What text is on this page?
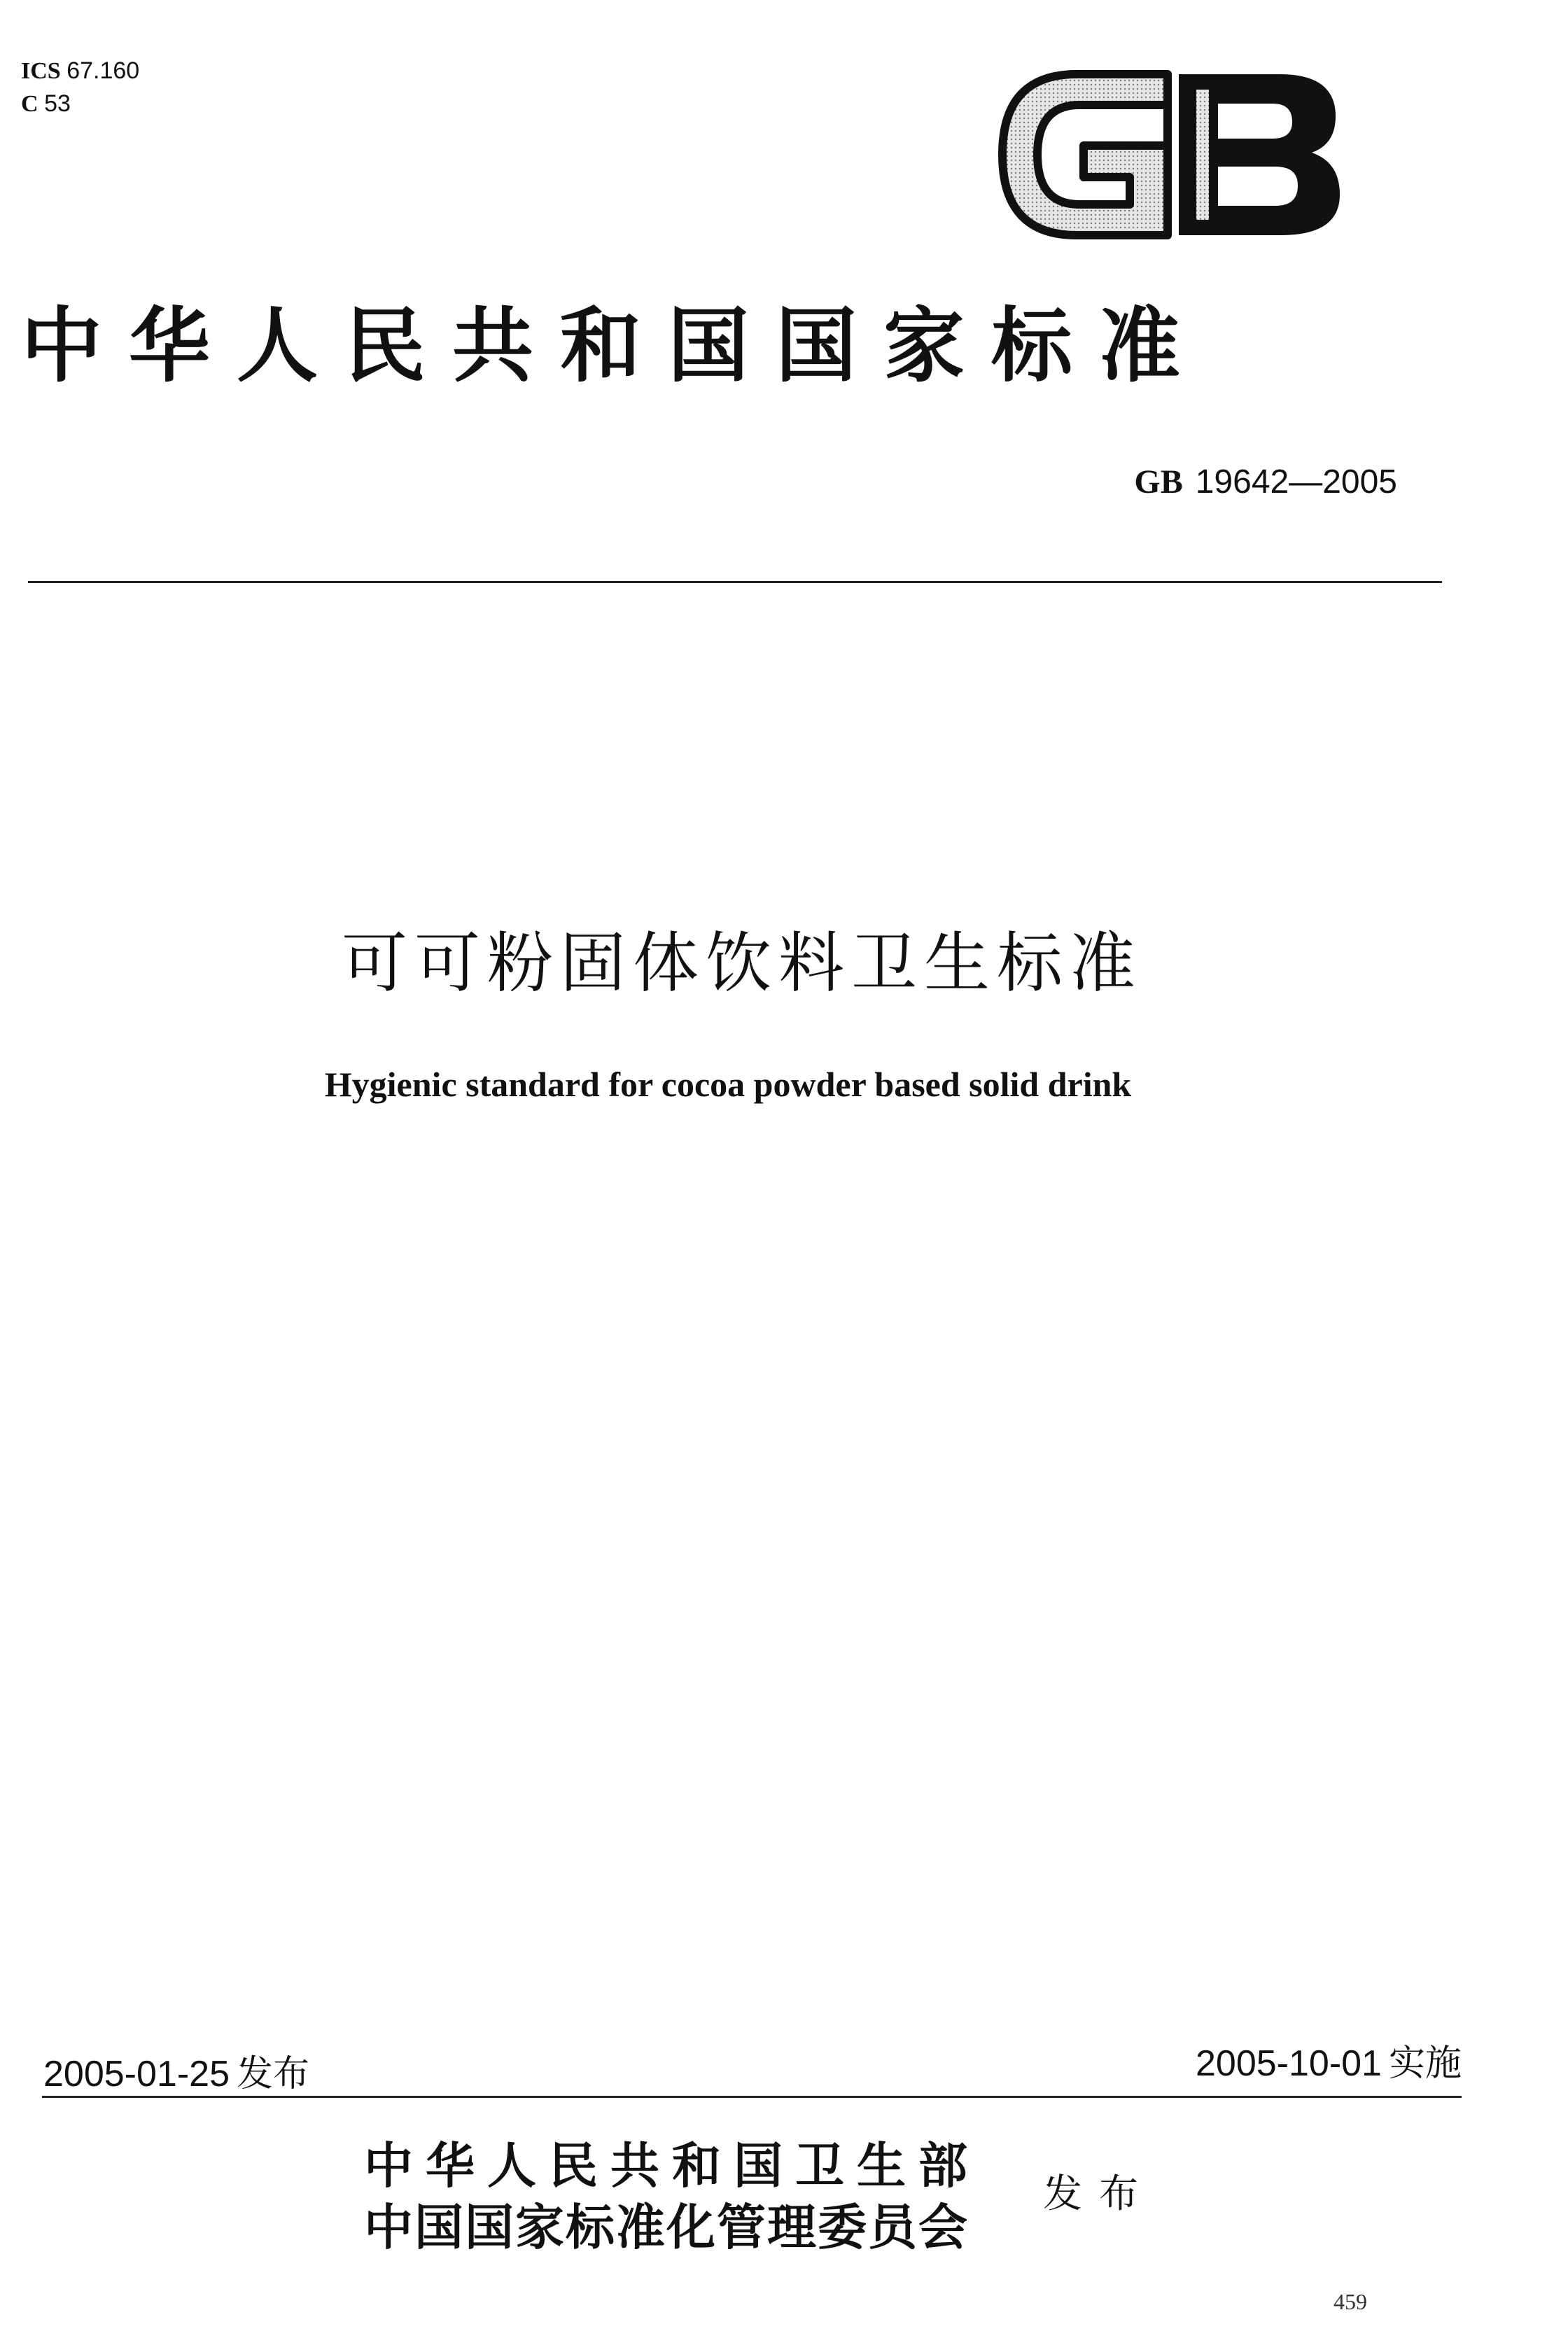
ICS 67.160
C 53
中华人民共和国国家标准
GB 19642—2005
可可粉固体饮料卫生标准
Hygienic standard for cocoa powder based solid drink
2005-01-25 发布	2005-10-01 实施
中华人民共和国卫生部
中国国家标准化管理委员会
发布
459
